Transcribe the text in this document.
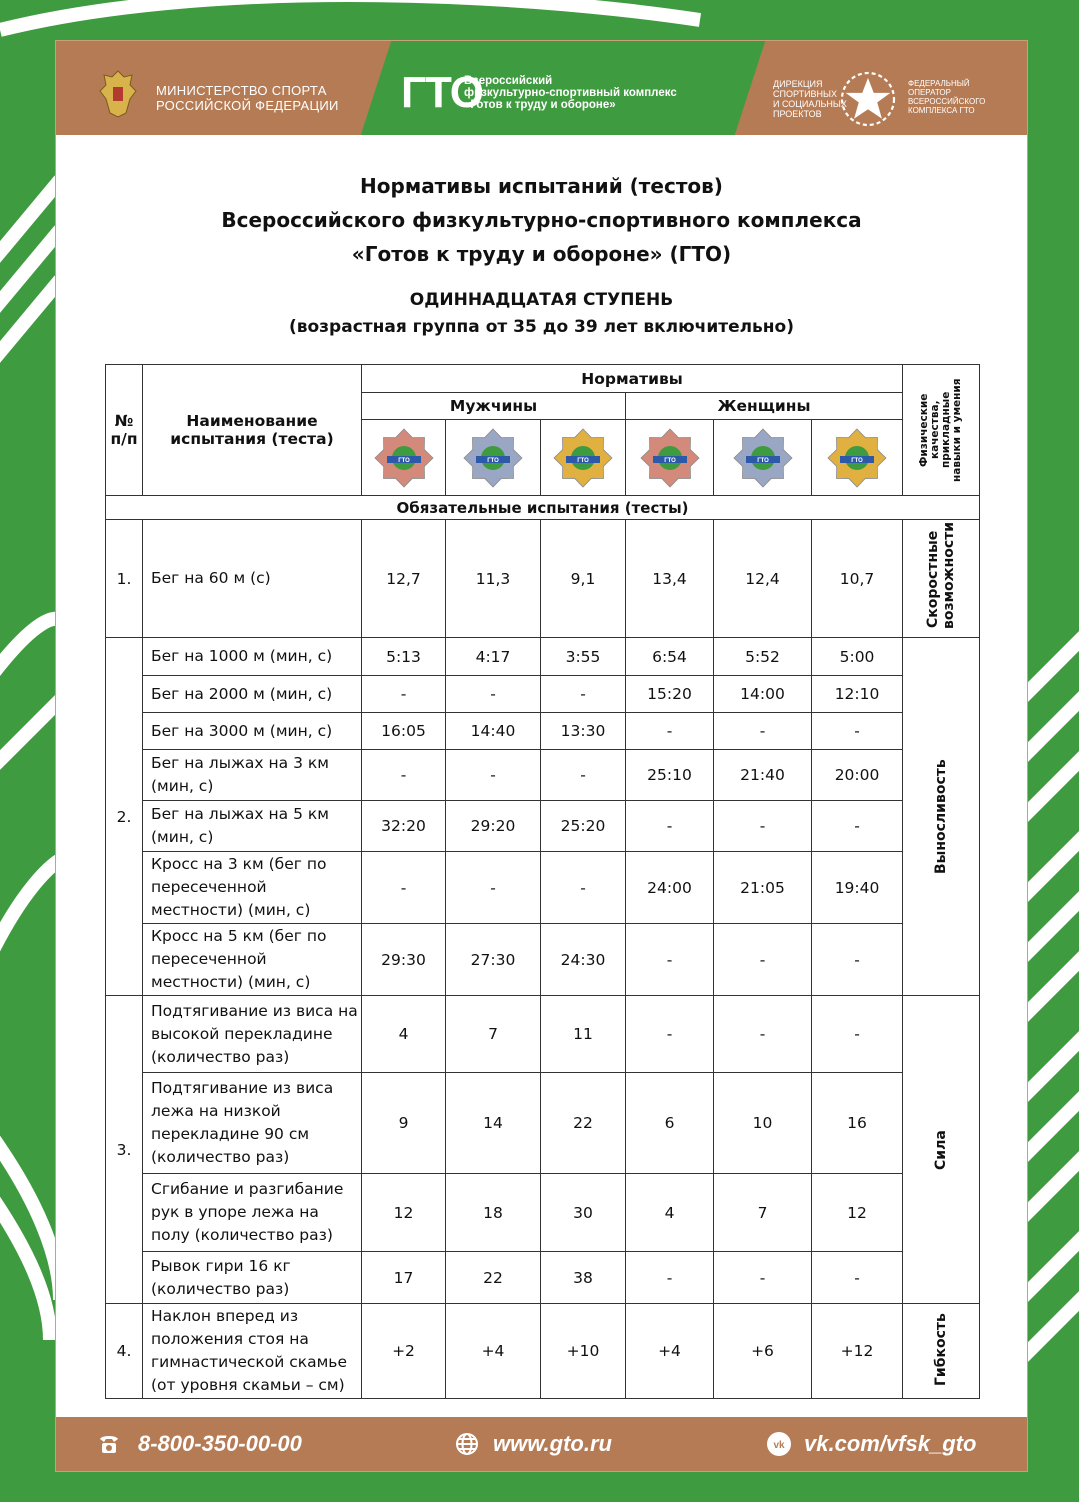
МИНИСТЕРСТВО СПОРТА
РОССИЙСКОЙ ФЕДЕРАЦИИ ГТО
Всероссийский
физкультурно-спортивный комплекс
«Готов к труду и обороне»
ДИРЕКЦИЯ
СПОРТИВНЫХ
И СОЦИАЛЬНЫХ
ПРОЕКТОВ
ФЕДЕРАЛЬНЫЙ
ОПЕРАТОР
ВСЕРОССИЙСКОГО
КОМПЛЕКСА ГТО
Нормативы испытаний (тестов)
Всероссийского физкультурно-спортивного комплекса
«Готов к труду и обороне» (ГТО)
ОДИННАДЦАТАЯ СТУПЕНЬ
(возрастная группа от 35 до 39 лет включительно)
№ п/п	Наименование испытания (теста)	Нормативы						Физические качества, прикладные навыки и умения

		Мужчины			Женщины			

ГТО	ГТО	ГТО	ГТО	ГТО	ГТО	

Обязательные испытания (тесты)								
1.	Бег на 60 м (с)	12,7	11,3	9,1	13,4	12,4	10,7	Скоростные возможности

2.	Бег на 1000 м (мин, с)	5:13	4:17	3:55	6:54	5:52	5:00	Выносливость

	Бег на 2000 м (мин, с)	-	-	-	15:20	14:00	12:10	
	Бег на 3000 м (мин, с)	16:05	14:40	13:30	-	-	-	
	Бег на лыжах на 3 км (мин, с)	-	-	-	25:10	21:40	20:00	
	Бег на лыжах на 5 км (мин, с)	32:20	29:20	25:20	-	-	-	
	Кросс на 3 км (бег по пересеченной местности) (мин, с)	-	-	-	24:00	21:05	19:40	
	Кросс на 5 км (бег по пересеченной местности) (мин, с)	29:30	27:30	24:30	-	-	-	
3.	Подтягивание из виса на высокой перекладине (количество раз)	4	7	11	-	-	-	Сила

	Подтягивание из виса лежа на низкой перекладине 90 см (количество раз)	9	14	22	6	10	16	
	Сгибание и разгибание рук в упоре лежа на полу (количество раз)	12	18	30	4	7	12	
	Рывок гири 16 кг (количество раз)	17	22	38	-	-	-	
4.	Наклон вперед из положения стоя на гимнастической скамье (от уровня скамьи – см)	+2	+4	+10	+4	+6	+12	Гибкость
8-800-350-00-00	www.gto.ru	vk vk.com/vfsk_gto
